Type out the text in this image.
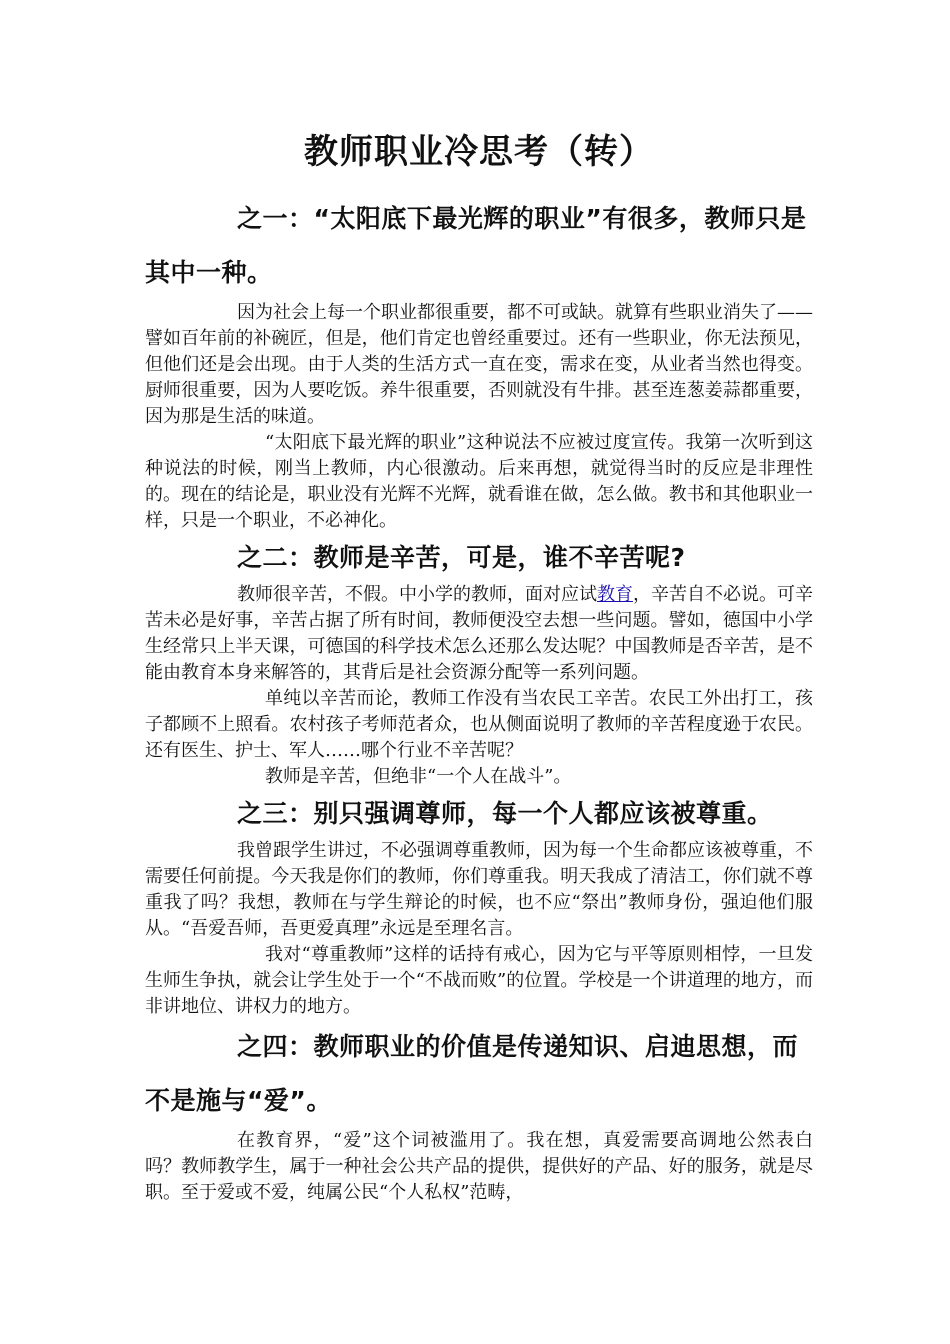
教师职业冷思考（转）
之一：“太阳底下最光辉的职业”有很多，教师只是其中一种。

因为社会上每一个职业都很重要，都不可或缺。就算有些职业消失了——譬如百年前的补碗匠，但是，他们肯定也曾经重要过。还有一些职业，你无法预见，但他们还是会出现。由于人类的生活方式一直在变，需求在变，从业者当然也得变。厨师很重要，因为人要吃饭。养牛很重要，否则就没有牛排。甚至连葱姜蒜都重要，因为那是生活的味道。

“太阳底下最光辉的职业”这种说法不应被过度宣传。我第一次听到这种说法的时候，刚当上教师，内心很激动。后来再想，就觉得当时的反应是非理性的。现在的结论是，职业没有光辉不光辉，就看谁在做，怎么做。教书和其他职业一样，只是一个职业，不必神化。

之二：教师是辛苦，可是，谁不辛苦呢?

教师很辛苦，不假。中小学的教师，面对应试教育，辛苦自不必说。可辛苦未必是好事，辛苦占据了所有时间，教师便没空去想一些问题。譬如，德国中小学生经常只上半天课，可德国的科学技术怎么还那么发达呢？中国教师是否辛苦，是不能由教育本身来解答的，其背后是社会资源分配等一系列问题。

单纯以辛苦而论，教师工作没有当农民工辛苦。农民工外出打工，孩子都顾不上照看。农村孩子考师范者众，也从侧面说明了教师的辛苦程度逊于农民。还有医生、护士、军人……哪个行业不辛苦呢？

教师是辛苦，但绝非“一个人在战斗”。

之三：别只强调尊师，每一个人都应该被尊重。

我曾跟学生讲过，不必强调尊重教师，因为每一个生命都应该被尊重，不需要任何前提。今天我是你们的教师，你们尊重我。明天我成了清洁工，你们就不尊重我了吗？我想，教师在与学生辩论的时候，也不应“祭出”教师身份，强迫他们服从。“吾爱吾师，吾更爱真理”永远是至理名言。

我对“尊重教师”这样的话持有戒心，因为它与平等原则相悖，一旦发生师生争执，就会让学生处于一个“不战而败”的位置。学校是一个讲道理的地方，而非讲地位、讲权力的地方。

之四：教师职业的价值是传递知识、启迪思想，而不是施与“爱”。

在教育界，“爱”这个词被滥用了。我在想，真爱需要高调地公然表白吗？教师教学生，属于一种社会公共产品的提供，提供好的产品、好的服务，就是尽职。至于爱或不爱，纯属公民“个人私权”范畴，
